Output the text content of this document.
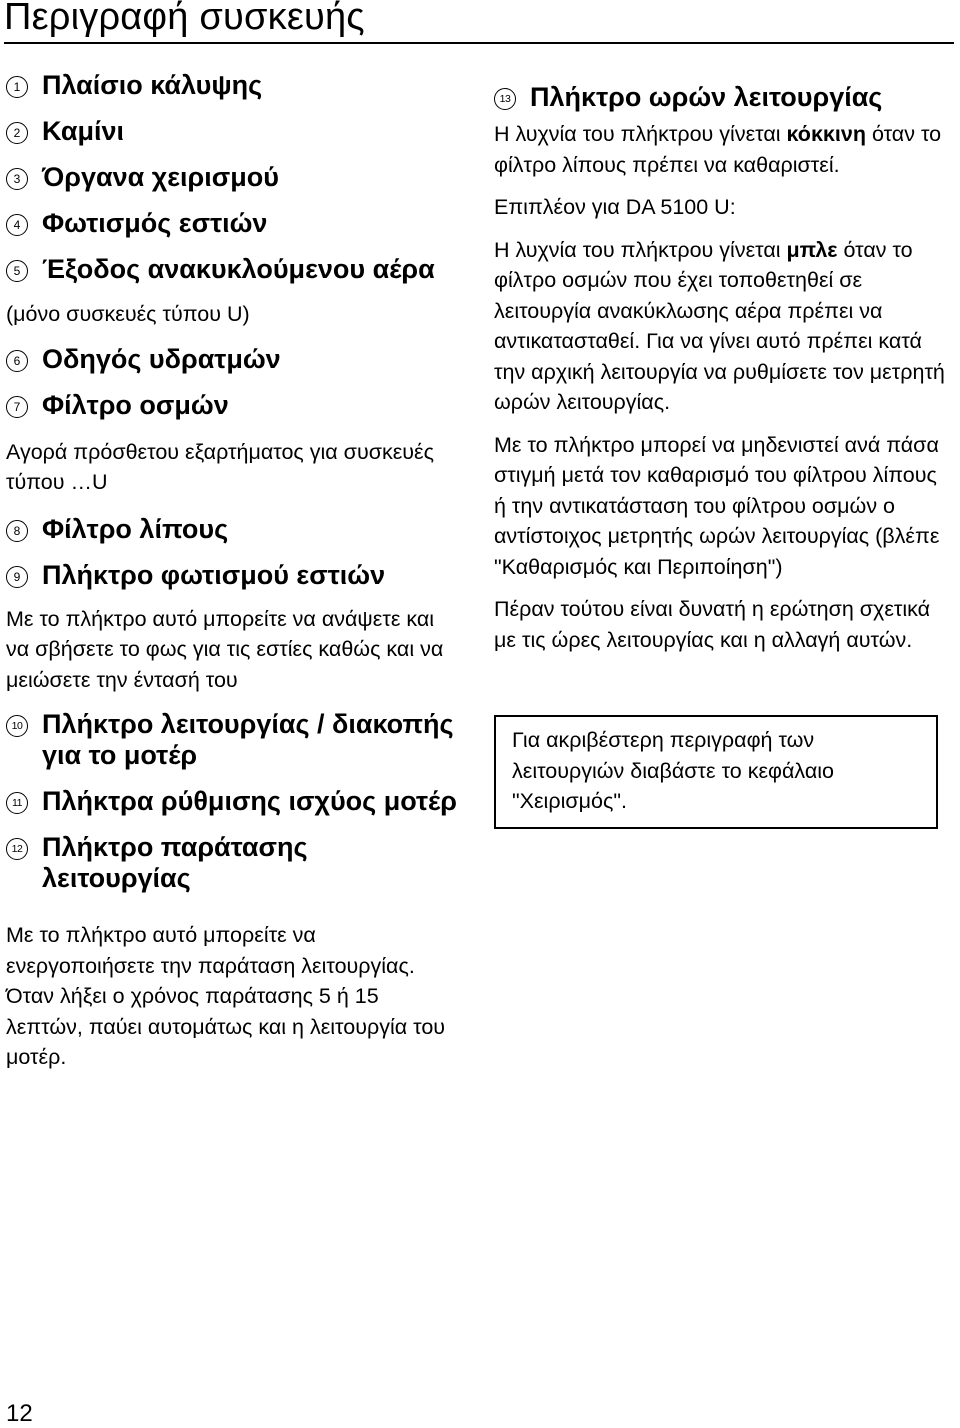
Περιγραφή συσκευής
1 Πλαίσιο κάλυψης
2 Καμίνι
3 Όργανα χειρισμού
4 Φωτισμός εστιών
5 Έξοδος ανακυκλούμενου αέρα

(μόνο συσκευές τύπου U)

6 Οδηγός υδρατμών
7 Φίλτρο οσμών

Αγορά πρόσθετου εξαρτήματος για συσκευές τύπου …U

8 Φίλτρο λίπους
9 Πλήκτρο φωτισμού εστιών

Με το πλήκτρο αυτό μπορείτε να ανάψετε και να σβήσετε το φως για τις εστίες καθώς και να μειώσετε την έντασή του

10 Πλήκτρο λειτουργίας / διακοπής για το μοτέρ
11 Πλήκτρα ρύθμισης ισχύος μοτέρ
12 Πλήκτρο παράτασης λειτουργίας

Με το πλήκτρο αυτό μπορείτε να ενεργοποιήσετε την παράταση λειτουργίας. Όταν λήξει ο χρόνος παράτασης 5 ή 15 λεπτών, παύει αυτομάτως και η λειτουργία του μοτέρ.

13 Πλήκτρο ωρών λειτουργίας

Η λυχνία του πλήκτρου γίνεται κόκκινη όταν το φίλτρο λίπους πρέπει να καθαριστεί.

Επιπλέον για DA 5100 U:

Η λυχνία του πλήκτρου γίνεται μπλε όταν το φίλτρο οσμών που έχει τοποθετηθεί σε λειτουργία ανακύκλωσης αέρα πρέπει να αντικατασταθεί. Για να γίνει αυτό πρέπει κατά την αρχική λειτουργία να ρυθμίσετε τον μετρητή ωρών λειτουργίας.

Με το πλήκτρο μπορεί να μηδενιστεί ανά πάσα στιγμή μετά τον καθαρισμό του φίλτρου λίπους ή την αντικατάσταση του φίλτρου οσμών ο αντίστοιχος μετρητής ωρών λειτουργίας (βλέπε "Καθαρισμός και Περιποίηση")

Πέραν τούτου είναι δυνατή η ερώτηση σχετικά με τις ώρες λειτουργίας και η αλλαγή αυτών.

Για ακριβέστερη περιγραφή των λειτουργιών διαβάστε το κεφάλαιο "Χειρισμός".
12
